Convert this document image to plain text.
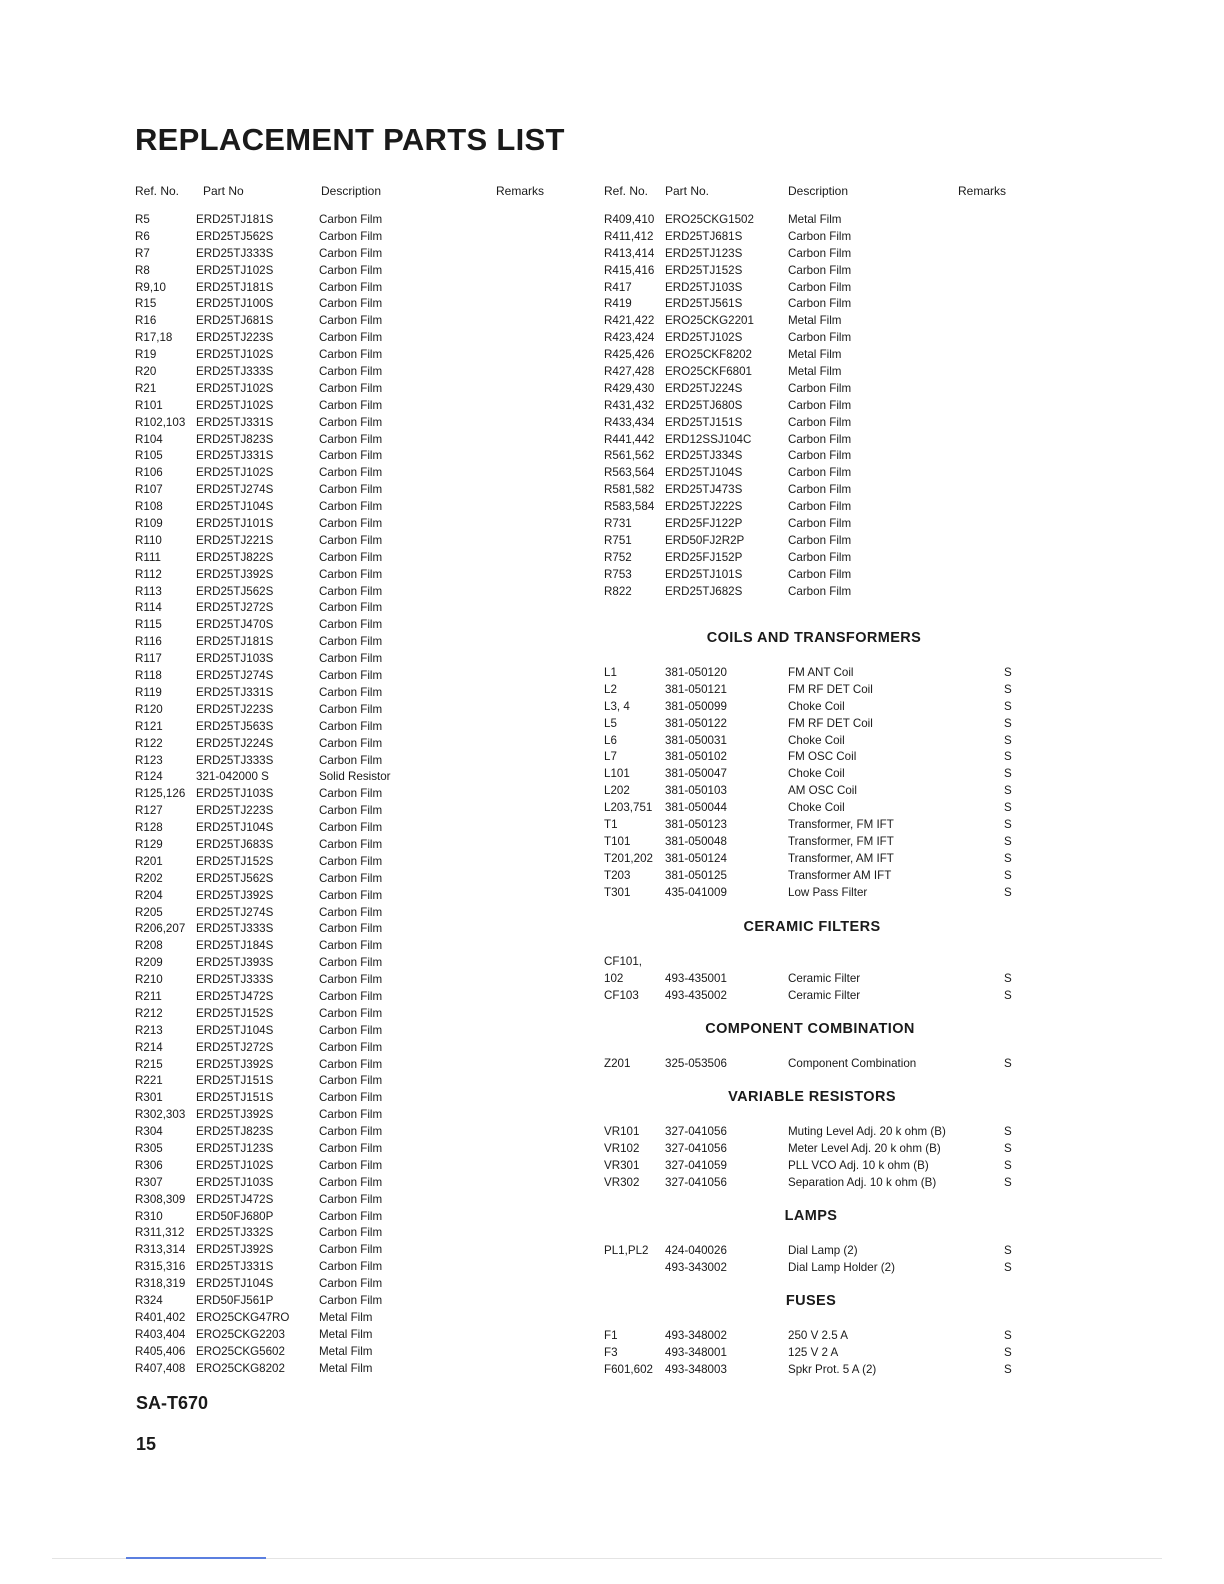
REPLACEMENT PARTS LIST
Ref. No. Part No	Description	Remarks	Ref. No. Part No.	Description	Remarks
R5	ERD25TJ181S	Carbon Film
R6	ERD25TJ562S	Carbon Film
R7	ERD25TJ333S	Carbon Film
R8	ERD25TJ102S	Carbon Film
R9,10	ERD25TJ181S	Carbon Film
R15	ERD25TJ100S	Carbon Film
R16	ERD25TJ681S	Carbon Film
R17,18 ERD25TJ223S	Carbon Film
R19	ERD25TJ102S	Carbon Film
R20	ERD25TJ333S	Carbon Film
R21	ERD25TJ102S	Carbon Film
R101	ERD25TJ102S	Carbon Film
R102,103 ERD25TJ331S	Carbon Film
R104	ERD25TJ823S	Carbon Film
R105	ERD25TJ331S	Carbon Film
R106	ERD25TJ102S	Carbon Film
R107	ERD25TJ274S	Carbon Film
R108	ERD25TJ104S	Carbon Film
R109	ERD25TJ101S	Carbon Film
R110	ERD25TJ221S	Carbon Film
R111	ERD25TJ822S	Carbon Film
R112	ERD25TJ392S	Carbon Film
R113	ERD25TJ562S	Carbon Film
R114	ERD25TJ272S	Carbon Film
R115	ERD25TJ470S	Carbon Film
R116	ERD25TJ181S	Carbon Film
R117	ERD25TJ103S	Carbon Film
R118	ERD25TJ274S	Carbon Film
R119	ERD25TJ331S	Carbon Film
R120	ERD25TJ223S	Carbon Film
R121	ERD25TJ563S	Carbon Film
R122	ERD25TJ224S	Carbon Film
R123	ERD25TJ333S	Carbon Film
R124	321-042000 S	Solid Resistor
R125,126 ERD25TJ103S	Carbon Film
R127	ERD25TJ223S	Carbon Film
R128	ERD25TJ104S	Carbon Film
R129	ERD25TJ683S	Carbon Film
R201	ERD25TJ152S	Carbon Film
R202	ERD25TJ562S	Carbon Film
R204	ERD25TJ392S	Carbon Film
R205	ERD25TJ274S	Carbon Film
R206,207 ERD25TJ333S	Carbon Film
R208	ERD25TJ184S	Carbon Film
R209	ERD25TJ393S	Carbon Film
R210	ERD25TJ333S	Carbon Film
R211	ERD25TJ472S	Carbon Film
R212	ERD25TJ152S	Carbon Film
R213	ERD25TJ104S	Carbon Film
R214	ERD25TJ272S	Carbon Film
R215	ERD25TJ392S	Carbon Film
R221	ERD25TJ151S	Carbon Film
R301	ERD25TJ151S	Carbon Film
R302,303 ERD25TJ392S	Carbon Film
R304	ERD25TJ823S	Carbon Film
R305	ERD25TJ123S	Carbon Film
R306	ERD25TJ102S	Carbon Film
R307	ERD25TJ103S	Carbon Film
R308,309 ERD25TJ472S	Carbon Film
R310	ERD50FJ680P	Carbon Film
R311,312 ERD25TJ332S	Carbon Film
R313,314 ERD25TJ392S	Carbon Film
R315,316 ERD25TJ331S	Carbon Film
R318,319 ERD25TJ104S	Carbon Film
R324	ERD50FJ561P	Carbon Film
R401,402 ERO25CKG47RO	Metal Film
R403,404 ERO25CKG2203	Metal Film
R405,406 ERO25CKG5602	Metal Film
R407,408 ERO25CKG8202	Metal Film
R409,410 ERO25CKG1502	Metal Film
R411,412 ERD25TJ681S	Carbon Film
R413,414 ERD25TJ123S	Carbon Film
R415,416 ERD25TJ152S	Carbon Film
R417	ERD25TJ103S	Carbon Film
R419	ERD25TJ561S	Carbon Film
R421,422 ERO25CKG2201	Metal Film
R423,424 ERD25TJ102S	Carbon Film
R425,426 ERO25CKF8202	Metal Film
R427,428 ERO25CKF6801	Metal Film
R429,430 ERD25TJ224S	Carbon Film
R431,432 ERD25TJ680S	Carbon Film
R433,434 ERD25TJ151S	Carbon Film
R441,442 ERD12SSJ104C	Carbon Film
R561,562 ERD25TJ334S	Carbon Film
R563,564 ERD25TJ104S	Carbon Film
R581,582 ERD25TJ473S	Carbon Film
R583,584 ERD25TJ222S	Carbon Film
R731	ERD25FJ122P	Carbon Film
R751	ERD50FJ2R2P	Carbon Film
R752	ERD25FJ152P	Carbon Film
R753	ERD25TJ101S	Carbon Film
R822	ERD25TJ682S	Carbon Film
COILS AND TRANSFORMERS
L1	381-050120	FM ANT Coil	S
L2	381-050121	FM RF DET Coil	S
L3, 4	381-050099	Choke Coil	S
L5	381-050122	FM RF DET Coil	S
L6	381-050031	Choke Coil	S
L7	381-050102	FM OSC Coil	S
L101	381-050047	Choke Coil	S
L202	381-050103	AM OSC Coil	S
L203,751 381-050044	Choke Coil	S
T1	381-050123	Transformer, FM IFT	S
T101	381-050048	Transformer, FM IFT	S
T201,202 381-050124	Transformer, AM IFT	S
T203	381-050125	Transformer AM IFT	S
T301	435-041009	Low Pass Filter	S
CERAMIC FILTERS
CF101,
102	493-435001	Ceramic Filter	S
CF103 493-435002	Ceramic Filter	S
COMPONENT COMBINATION
Z201	325-053506	Component Combination	S
VARIABLE RESISTORS
VR101 327-041056	Muting Level Adj. 20 k ohm (B)	S
VR102 327-041056	Meter Level Adj. 20 k ohm (B)	S
VR301 327-041059	PLL VCO Adj. 10 k ohm (B)	S
VR302 327-041056	Separation Adj. 10 k ohm (B)	S
LAMPS
PL1,PL2 424-040026	Dial Lamp (2)	S
493-343002	Dial Lamp Holder (2)	S
FUSES
F1	493-348002	250 V 2.5 A	S
F3	493-348001	125 V 2 A	S
F601,602 493-348003	Spkr Prot. 5 A (2)	S
SA-T670
15
